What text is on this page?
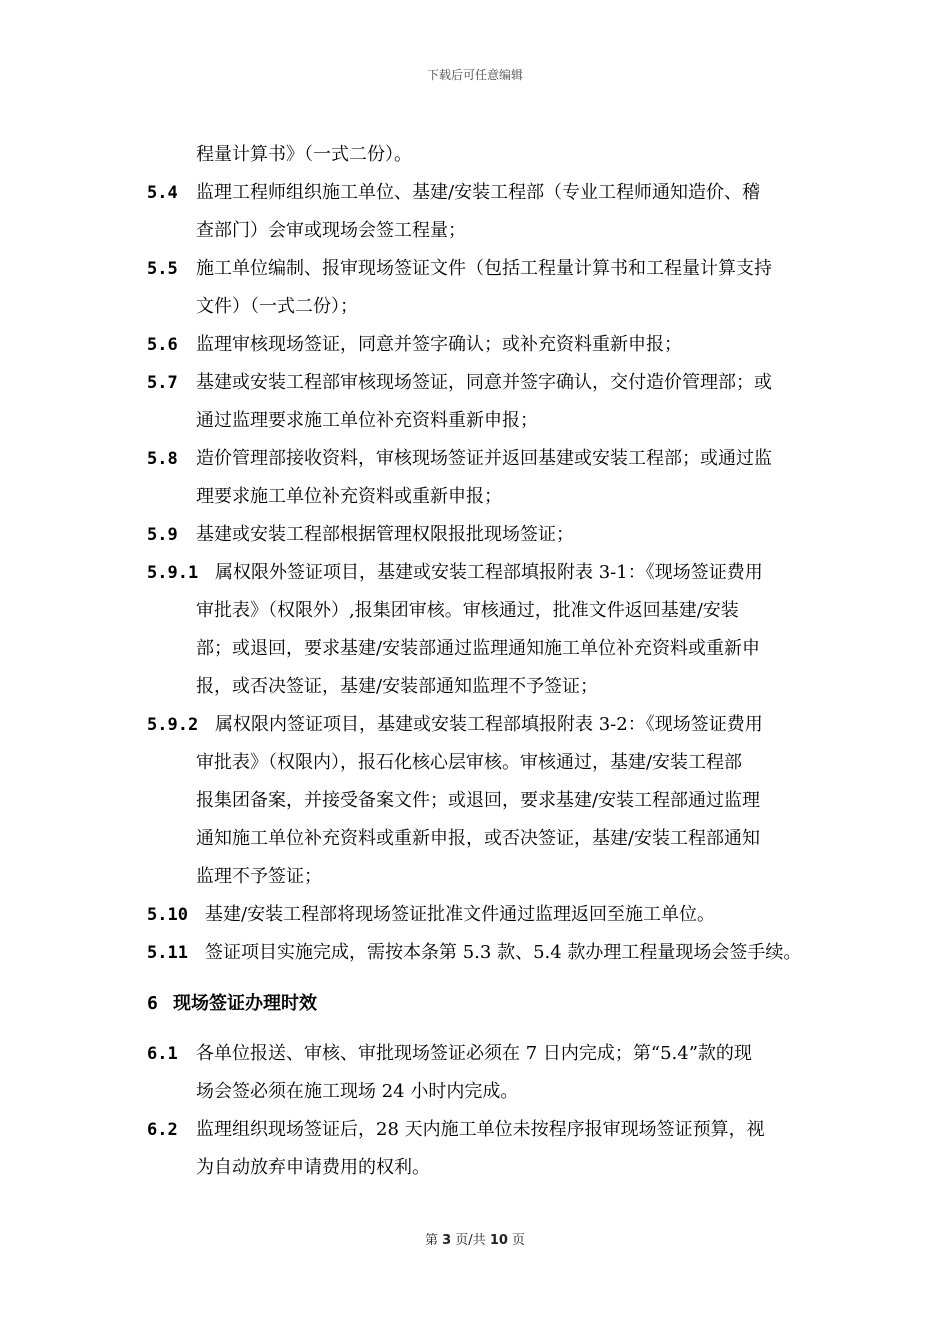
下载后可任意编辑
程量计算书》（一式二份）。
5.4	监理工程师组织施工单位、基建/安装工程部（专业工程师通知造价、稽
查部门）会审或现场会签工程量；
5.5	施工单位编制、报审现场签证文件（包括工程量计算书和工程量计算支持
文件）（一式二份）；
5.6	监理审核现场签证，同意并签字确认；或补充资料重新申报；
5.7	基建或安装工程部审核现场签证，同意并签字确认，交付造价管理部；或
通过监理要求施工单位补充资料重新申报；
5.8	造价管理部接收资料，审核现场签证并返回基建或安装工程部；或通过监
理要求施工单位补充资料或重新申报；
5.9	基建或安装工程部根据管理权限报批现场签证；
5.9.1 属权限外签证项目，基建或安装工程部填报附表 3-1：《现场签证费用
审批表》（权限外）,报集团审核。审核通过，批准文件返回基建/安装
部；或退回，要求基建/安装部通过监理通知施工单位补充资料或重新申
报，或否决签证，基建/安装部通知监理不予签证；
5.9.2 属权限内签证项目，基建或安装工程部填报附表 3-2：《现场签证费用
审批表》（权限内），报石化核心层审核。审核通过，基建/安装工程部
报集团备案，并接受备案文件；或退回，要求基建/安装工程部通过监理
通知施工单位补充资料或重新申报，或否决签证，基建/安装工程部通知
监理不予签证；
5.10 基建/安装工程部将现场签证批准文件通过监理返回至施工单位。
5.11 签证项目实施完成，需按本条第 5.3 款、5.4 款办理工程量现场会签手续。
6 现场签证办理时效
6.1	各单位报送、审核、审批现场签证必须在 7 日内完成；第“5.4”款的现
场会签必须在施工现场 24 小时内完成。
6.2	监理组织现场签证后，28 天内施工单位未按程序报审现场签证预算，视
为自动放弃申请费用的权利。
第 3 页/共 10 页
